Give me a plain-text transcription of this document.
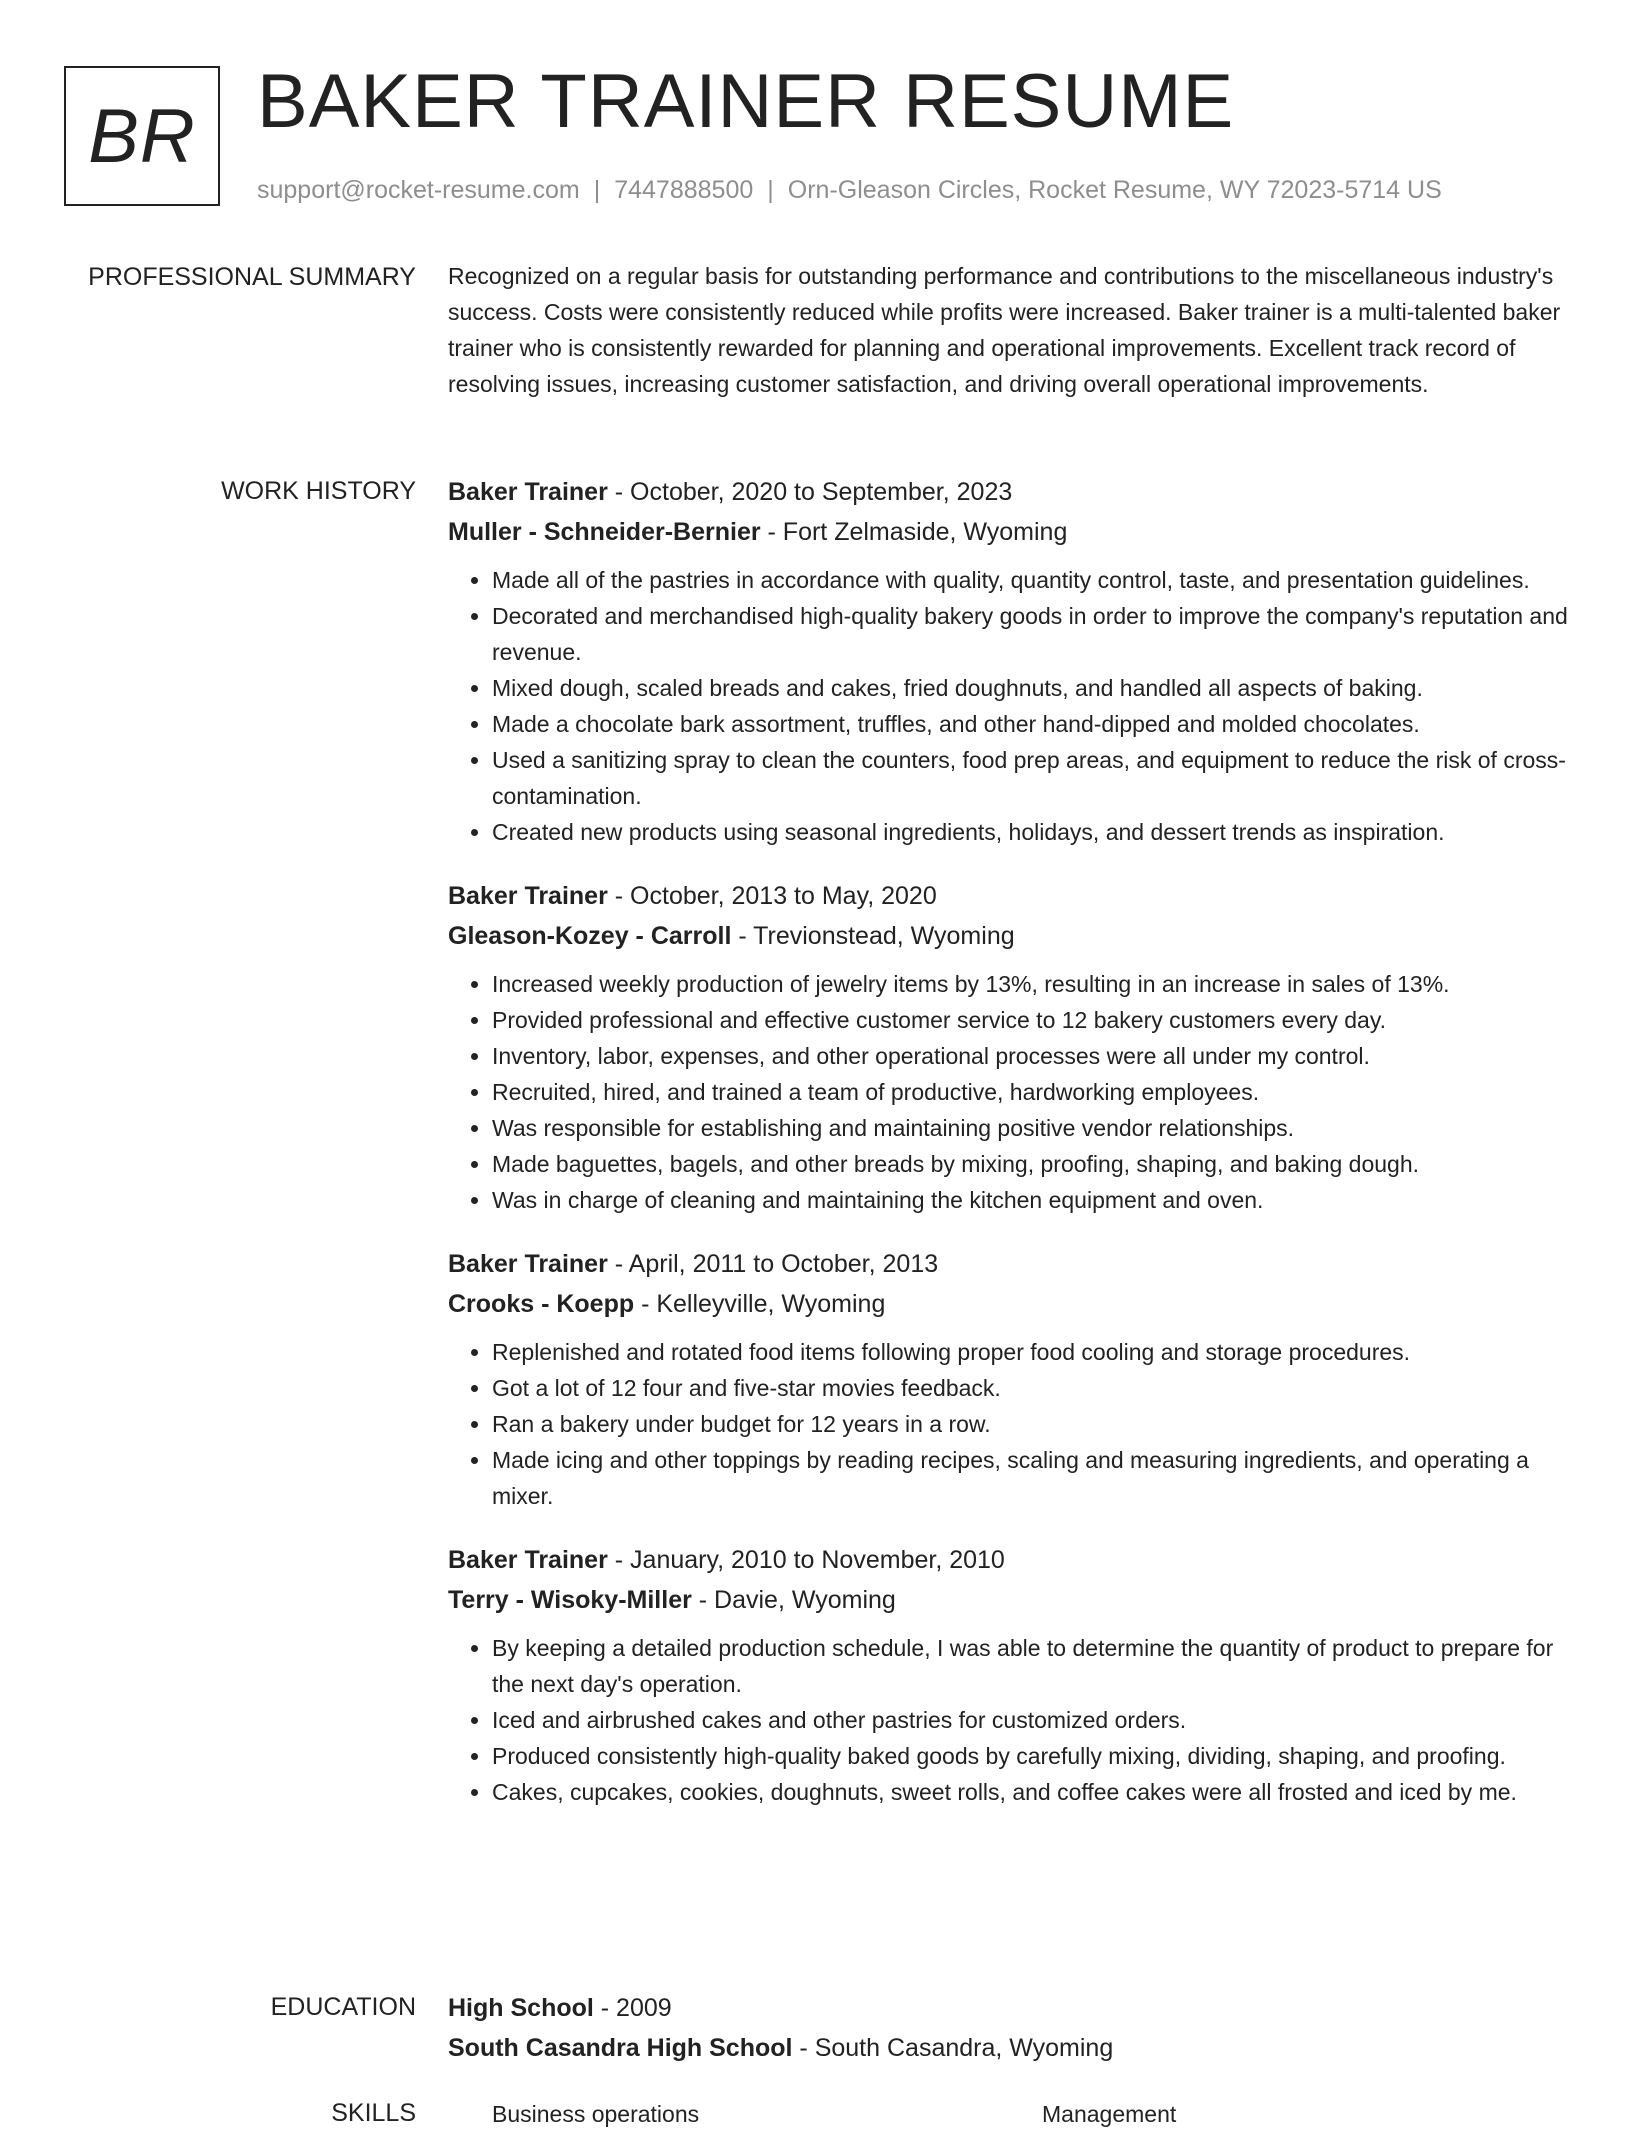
BR BAKER TRAINER RESUME
support@rocket-resume.com | 7447888500 | Orn-Gleason Circles, Rocket Resume, WY 72023-5714 US
PROFESSIONAL SUMMARY Recognized on a regular basis for outstanding performance and contributions to the miscellaneous industry's success. Costs were consistently reduced while profits were increased. Baker trainer is a multi-talented baker trainer who is consistently rewarded for planning and operational improvements. Excellent track record of resolving issues, increasing customer satisfaction, and driving overall operational improvements.

WORK HISTORY Baker Trainer - October, 2020 to September, 2023
Muller - Schneider-Bernier - Fort Zelmaside, Wyoming
• Made all of the pastries in accordance with quality, quantity control, taste, and presentation guidelines.
• Decorated and merchandised high-quality bakery goods in order to improve the company's reputation and revenue.
• Mixed dough, scaled breads and cakes, fried doughnuts, and handled all aspects of baking.
• Made a chocolate bark assortment, truffles, and other hand-dipped and molded chocolates.
• Used a sanitizing spray to clean the counters, food prep areas, and equipment to reduce the risk of cross-contamination.
• Created new products using seasonal ingredients, holidays, and dessert trends as inspiration.
Baker Trainer - October, 2013 to May, 2020
Gleason-Kozey - Carroll - Trevionstead, Wyoming
• Increased weekly production of jewelry items by 13%, resulting in an increase in sales of 13%.
• Provided professional and effective customer service to 12 bakery customers every day.
• Inventory, labor, expenses, and other operational processes were all under my control.
• Recruited, hired, and trained a team of productive, hardworking employees.
• Was responsible for establishing and maintaining positive vendor relationships.
• Made baguettes, bagels, and other breads by mixing, proofing, shaping, and baking dough.
• Was in charge of cleaning and maintaining the kitchen equipment and oven.
Baker Trainer - April, 2011 to October, 2013
Crooks - Koepp - Kelleyville, Wyoming
• Replenished and rotated food items following proper food cooling and storage procedures.
• Got a lot of 12 four and five-star movies feedback.
• Ran a bakery under budget for 12 years in a row.
• Made icing and other toppings by reading recipes, scaling and measuring ingredients, and operating a mixer.
Baker Trainer - January, 2010 to November, 2010
Terry - Wisoky-Miller - Davie, Wyoming
• By keeping a detailed production schedule, I was able to determine the quantity of product to prepare for the next day's operation.
• Iced and airbrushed cakes and other pastries for customized orders.
• Produced consistently high-quality baked goods by carefully mixing, dividing, shaping, and proofing.
• Cakes, cupcakes, cookies, doughnuts, sweet rolls, and coffee cakes were all frosted and iced by me.
EDUCATION High School - 2009
South Casandra High School - South Casandra, Wyoming
SKILLS	Business operations	Management
